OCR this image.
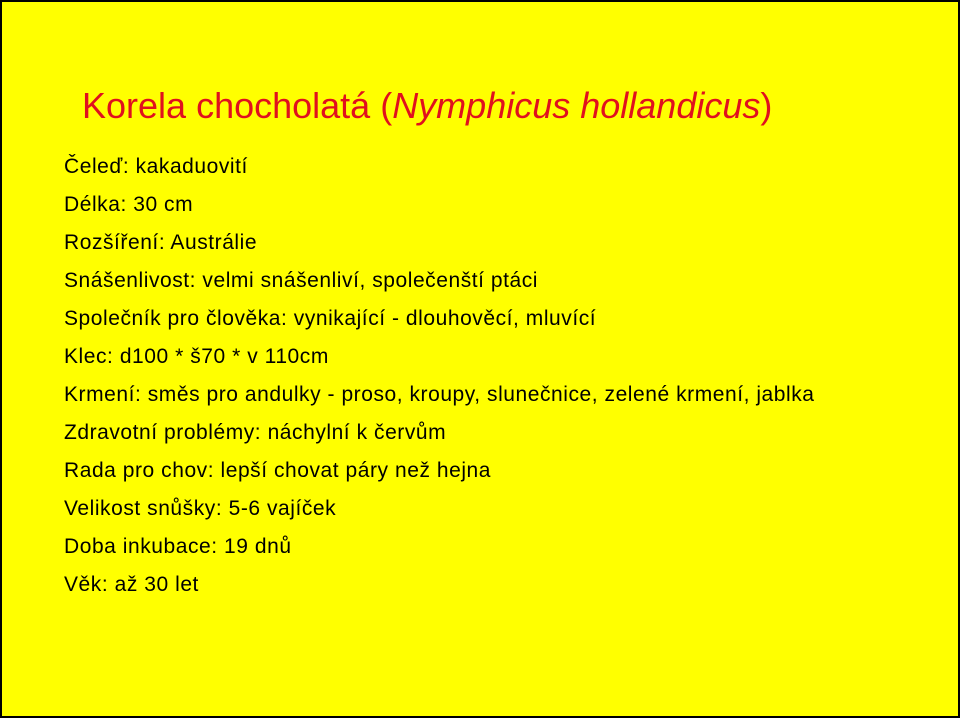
Korela chocholatá (Nymphicus hollandicus)
Čeleď: kakaduovití
Délka: 30 cm
Rozšíření: Austrálie
Snášenlivost: velmi snášenliví, společenští ptáci
Společník pro člověka: vynikající - dlouhověcí, mluvící
Klec: d100 * š70 * v 110cm
Krmení: směs pro andulky - proso, kroupy, slunečnice, zelené krmení, jablka
Zdravotní problémy: náchylní k červům
Rada pro chov: lepší chovat páry než hejna
Velikost snůšky: 5-6 vajíček
Doba inkubace: 19 dnů
Věk: až 30 let
